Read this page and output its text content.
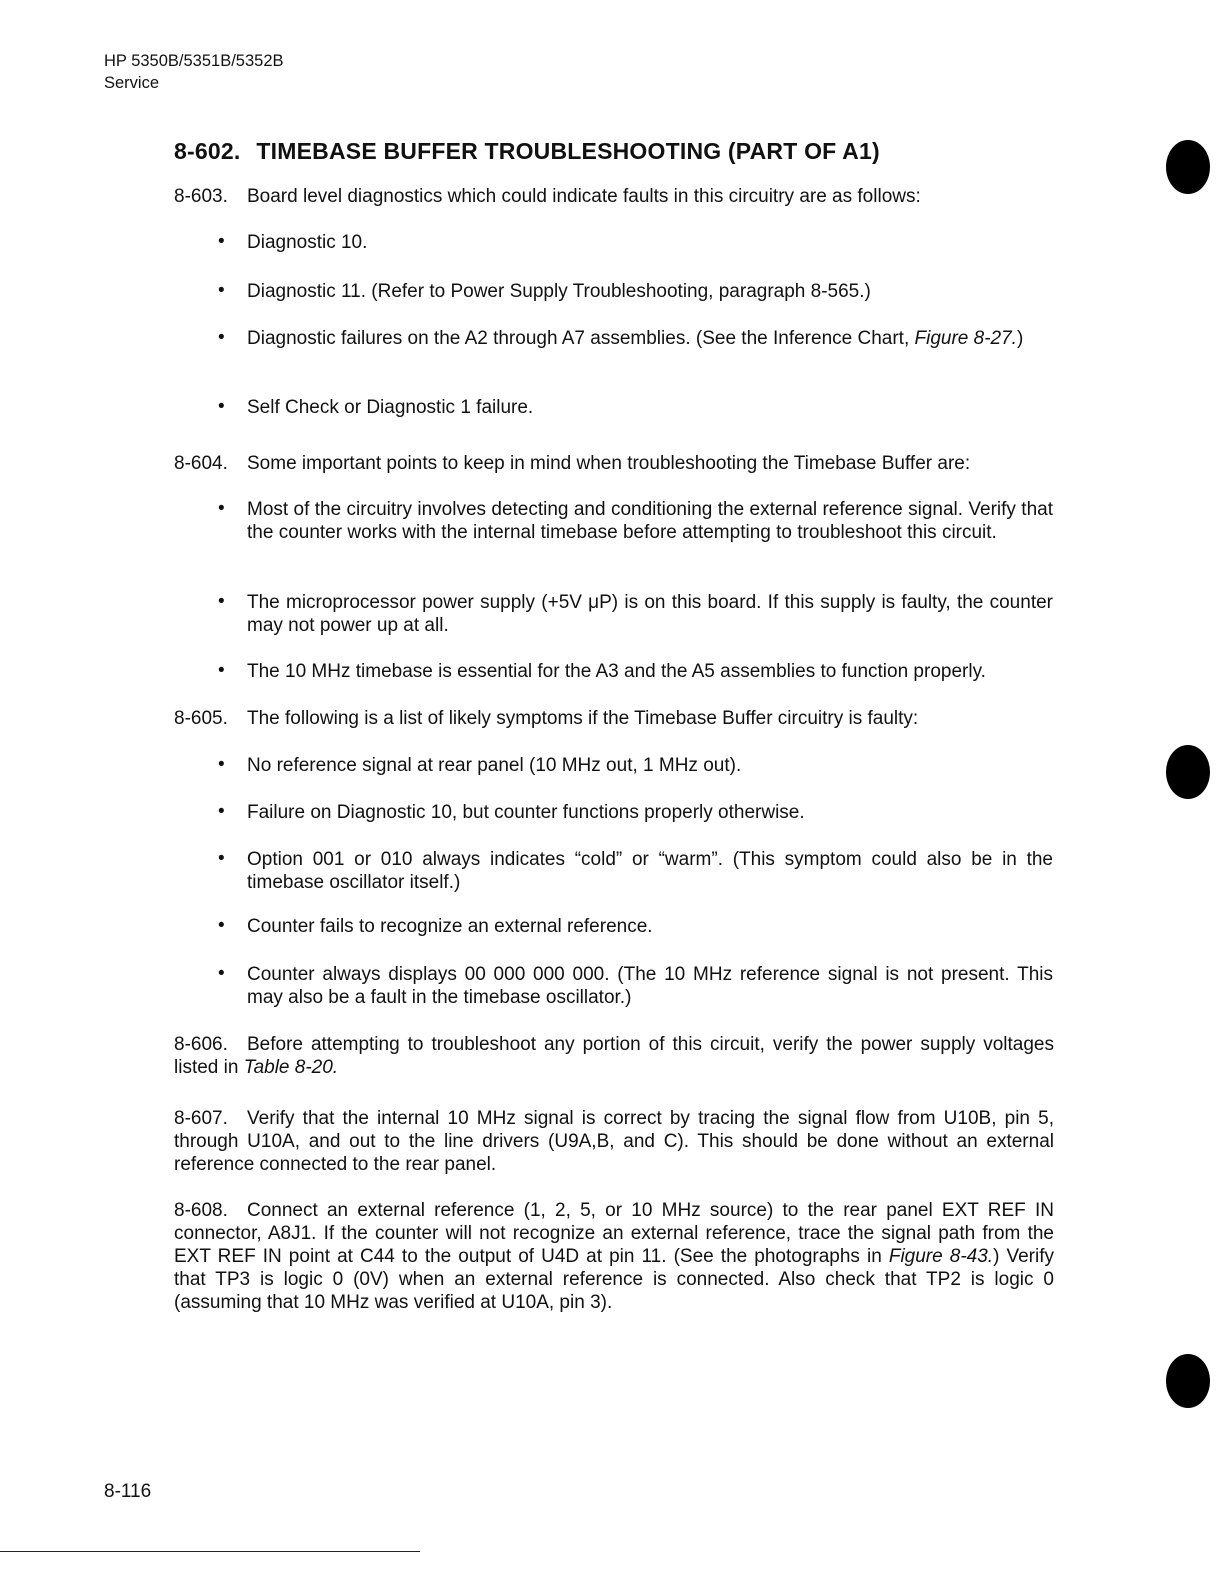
HP 5350B/5351B/5352B
Service
8-602. TIMEBASE BUFFER TROUBLESHOOTING (PART OF A1)

8-603. Board level diagnostics which could indicate faults in this circuitry are as follows:

• Diagnostic 10.

• Diagnostic 11. (Refer to Power Supply Troubleshooting, paragraph 8-565.)

• Diagnostic failures on the A2 through A7 assemblies. (See the Inference Chart, Figure 8-27.)

• Self Check or Diagnostic 1 failure.

8-604. Some important points to keep in mind when troubleshooting the Timebase Buffer are:

• Most of the circuitry involves detecting and conditioning the external reference signal. Verify that the counter works with the internal timebase before attempting to troubleshoot this circuit.

• The microprocessor power supply (+5V μP) is on this board. If this supply is faulty, the counter may not power up at all.

• The 10 MHz timebase is essential for the A3 and the A5 assemblies to function properly.

8-605. The following is a list of likely symptoms if the Timebase Buffer circuitry is faulty:

• No reference signal at rear panel (10 MHz out, 1 MHz out).

• Failure on Diagnostic 10, but counter functions properly otherwise.

• Option 001 or 010 always indicates “cold” or “warm”. (This symptom could also be in the timebase oscillator itself.)

• Counter fails to recognize an external reference.

• Counter always displays 00 000 000 000. (The 10 MHz reference signal is not present. This may also be a fault in the timebase oscillator.)

8-606. Before attempting to troubleshoot any portion of this circuit, verify the power supply voltages listed in Table 8-20.

8-607. Verify that the internal 10 MHz signal is correct by tracing the signal flow from U10B, pin 5, through U10A, and out to the line drivers (U9A,B, and C). This should be done without an external reference connected to the rear panel.

8-608. Connect an external reference (1, 2, 5, or 10 MHz source) to the rear panel EXT REF IN connector, A8J1. If the counter will not recognize an external reference, trace the signal path from the EXT REF IN point at C44 to the output of U4D at pin 11. (See the photographs in Figure 8-43.) Verify that TP3 is logic 0 (0V) when an external reference is connected. Also check that TP2 is logic 0 (assuming that 10 MHz was verified at U10A, pin 3).

8-116
